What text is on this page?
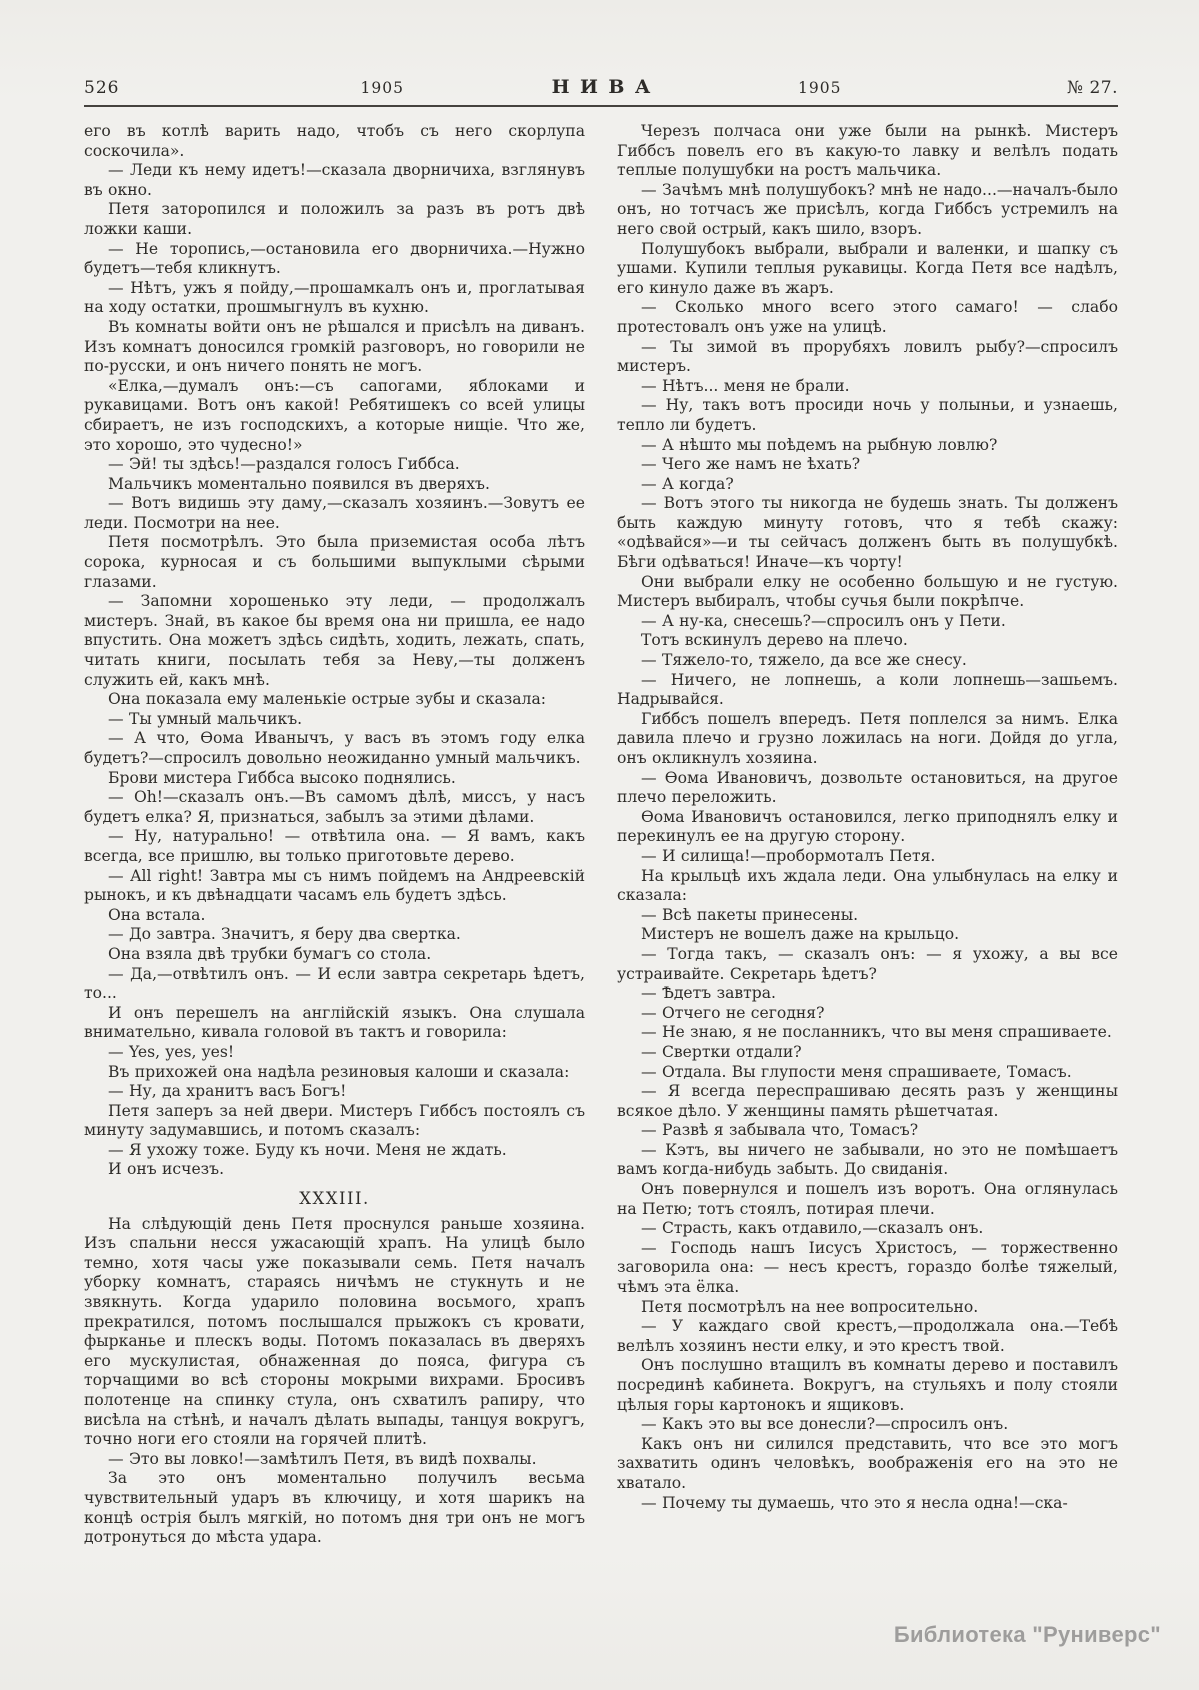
526	1905	НИВА	1905	№ 27.

его въ котлѣ варить надо, чтобъ съ него скорлупа соскочила».

— Леди къ нему идетъ!—сказала дворничиха, взглянувъ въ окно.

Петя заторопился и положилъ за разъ въ ротъ двѣ ложки каши.

— Не торопись,—остановила его дворничиха.—Нужно будетъ—тебя кликнутъ.

— Нѣтъ, ужъ я пойду,—прошамкалъ онъ и, проглатывая на ходу остатки, прошмыгнулъ въ кухню.

Въ комнаты войти онъ не рѣшался и присѣлъ на диванъ. Изъ комнатъ доносился громкій разговоръ, но говорили не по-русски, и онъ ничего понять не могъ.

«Елка,—думалъ онъ:—съ сапогами, яблоками и рукавицами. Вотъ онъ какой! Ребятишекъ со всей улицы сбираетъ, не изъ господскихъ, а которые нищіе. Что же, это хорошо, это чудесно!»

— Эй! ты здѣсь!—раздался голосъ Гиббса.

Мальчикъ моментально появился въ дверяхъ.

— Вотъ видишь эту даму,—сказалъ хозяинъ.—Зовутъ ее леди. Посмотри на нее.

Петя посмотрѣлъ. Это была приземистая особа лѣтъ сорока, курносая и съ большими выпуклыми сѣрыми глазами.

— Запомни хорошенько эту леди, — продолжалъ мистеръ. Знай, въ какое бы время она ни пришла, ее надо впустить. Она можетъ здѣсь сидѣть, ходить, лежать, спать, читать книги, посылать тебя за Неву,—ты долженъ служить ей, какъ мнѣ.

Она показала ему маленькіе острые зубы и сказала:

— Ты умный мальчикъ.

— А что, Ѳома Иванычъ, у васъ въ этомъ году елка будетъ?—спросилъ довольно неожиданно умный мальчикъ.

Брови мистера Гиббса высоко поднялись.

— Oh!—сказалъ онъ.—Въ самомъ дѣлѣ, миссъ, у насъ будетъ елка? Я, признаться, забылъ за этими дѣлами.

— Ну, натурально! — отвѣтила она. — Я вамъ, какъ всегда, все пришлю, вы только приготовьте дерево.

— All right! Завтра мы съ нимъ пойдемъ на Андреевскій рынокъ, и къ двѣнадцати часамъ ель будетъ здѣсь.

Она встала.

— До завтра. Значитъ, я беру два свертка.

Она взяла двѣ трубки бумагъ со стола.

— Да,—отвѣтилъ онъ. — И если завтра секретарь ѣдетъ, то...

И онъ перешелъ на англійскій языкъ. Она слушала внимательно, кивала головой въ тактъ и говорила:

— Yes, yes, yes!

Въ прихожей она надѣла резиновыя калоши и сказала:

— Ну, да хранитъ васъ Богъ!

Петя заперъ за ней двери. Мистеръ Гиббсъ постоялъ съ минуту задумавшись, и потомъ сказалъ:

— Я ухожу тоже. Буду къ ночи. Меня не ждать.

И онъ исчезъ.

XXXIII.

На слѣдующій день Петя проснулся раньше хозяина. Изъ спальни несся ужасающій храпъ. На улицѣ было темно, хотя часы уже показывали семь. Петя началъ уборку комнатъ, стараясь ничѣмъ не стукнуть и не звякнуть. Когда ударило половина восьмого, храпъ прекратился, потомъ послышался прыжокъ съ кровати, фырканье и плескъ воды. Потомъ показалась въ дверяхъ его мускулистая, обнаженная до пояса, фигура съ торчащими во всѣ стороны мокрыми вихрами. Бросивъ полотенце на спинку стула, онъ схватилъ рапиру, что висѣла на стѣнѣ, и началъ дѣлать выпады, танцуя вокругъ, точно ноги его стояли на горячей плитѣ.

— Это вы ловко!—замѣтилъ Петя, въ видѣ похвалы.

За это онъ моментально получилъ весьма чувствительный ударъ въ ключицу, и хотя шарикъ на концѣ острія былъ мягкій, но потомъ дня три онъ не могъ дотронуться до мѣста удара.

Черезъ полчаса они уже были на рынкѣ. Мистеръ Гиббсъ повелъ его въ какую-то лавку и велѣлъ подать теплые полушубки на ростъ мальчика.

— Зачѣмъ мнѣ полушубокъ? мнѣ не надо...—началъ-было онъ, но тотчасъ же присѣлъ, когда Гиббсъ устремилъ на него свой острый, какъ шило, взоръ.

Полушубокъ выбрали, выбрали и валенки, и шапку съ ушами. Купили теплыя рукавицы. Когда Петя все надѣлъ, его кинуло даже въ жаръ.

— Сколько много всего этого самаго! — слабо протестовалъ онъ уже на улицѣ.

— Ты зимой въ прорубяхъ ловилъ рыбу?—спросилъ мистеръ.

— Нѣтъ... меня не брали.

— Ну, такъ вотъ просиди ночь у полыньи, и узнаешь, тепло ли будетъ.

— А нѣшто мы поѣдемъ на рыбную ловлю?

— Чего же намъ не ѣхать?

— А когда?

— Вотъ этого ты никогда не будешь знать. Ты долженъ быть каждую минуту готовъ, что я тебѣ скажу: «одѣвайся»—и ты сейчасъ долженъ быть въ полушубкѣ. Бѣги одѣваться! Иначе—къ чорту!

Они выбрали елку не особенно большую и не густую. Мистеръ выбиралъ, чтобы сучья были покрѣпче.

— А ну-ка, снесешь?—спросилъ онъ у Пети.

Тотъ вскинулъ дерево на плечо.

— Тяжело-то, тяжело, да все же снесу.

— Ничего, не лопнешь, а коли лопнешь—зашьемъ. Надрывайся.

Гиббсъ пошелъ впередъ. Петя поплелся за нимъ. Елка давила плечо и грузно ложилась на ноги. Дойдя до угла, онъ окликнулъ хозяина.

— Ѳома Ивановичъ, дозвольте остановиться, на другое плечо переложить.

Ѳома Ивановичъ остановился, легко приподнялъ елку и перекинулъ ее на другую сторону.

— И силища!—пробормоталъ Петя.

На крыльцѣ ихъ ждала леди. Она улыбнулась на елку и сказала:

— Всѣ пакеты принесены.

Мистеръ не вошелъ даже на крыльцо.

— Тогда такъ, — сказалъ онъ: — я ухожу, а вы все устраивайте. Секретарь ѣдетъ?

— Ѣдетъ завтра.

— Отчего не сегодня?

— Не знаю, я не посланникъ, что вы меня спрашиваете.

— Свертки отдали?

— Отдала. Вы глупости меня спрашиваете, Томасъ.

— Я всегда переспрашиваю десять разъ у женщины всякое дѣло. У женщины память рѣшетчатая.

— Развѣ я забывала что, Томасъ?

— Кэтъ, вы ничего не забывали, но это не помѣшаетъ вамъ когда-нибудь забыть. До свиданія.

Онъ повернулся и пошелъ изъ воротъ. Она оглянулась на Петю; тотъ стоялъ, потирая плечи.

— Страсть, какъ отдавило,—сказалъ онъ.

— Господь нашъ Іисусъ Христосъ, — торжественно заговорила она: — несъ крестъ, гораздо болѣе тяжелый, чѣмъ эта ёлка.

Петя посмотрѣлъ на нее вопросительно.

— У каждаго свой крестъ,—продолжала она.—Тебѣ велѣлъ хозяинъ нести елку, и это крестъ твой.

Онъ послушно втащилъ въ комнаты дерево и поставилъ посрединѣ кабинета. Вокругъ, на стульяхъ и полу стояли цѣлыя горы картонокъ и ящиковъ.

— Какъ это вы все донесли?—спросилъ онъ.

Какъ онъ ни силился представить, что все это могъ захватить одинъ человѣкъ, воображенія его на это не хватало.

— Почему ты думаешь, что это я несла одна!—ска-

Библиотека "Руниверс"
